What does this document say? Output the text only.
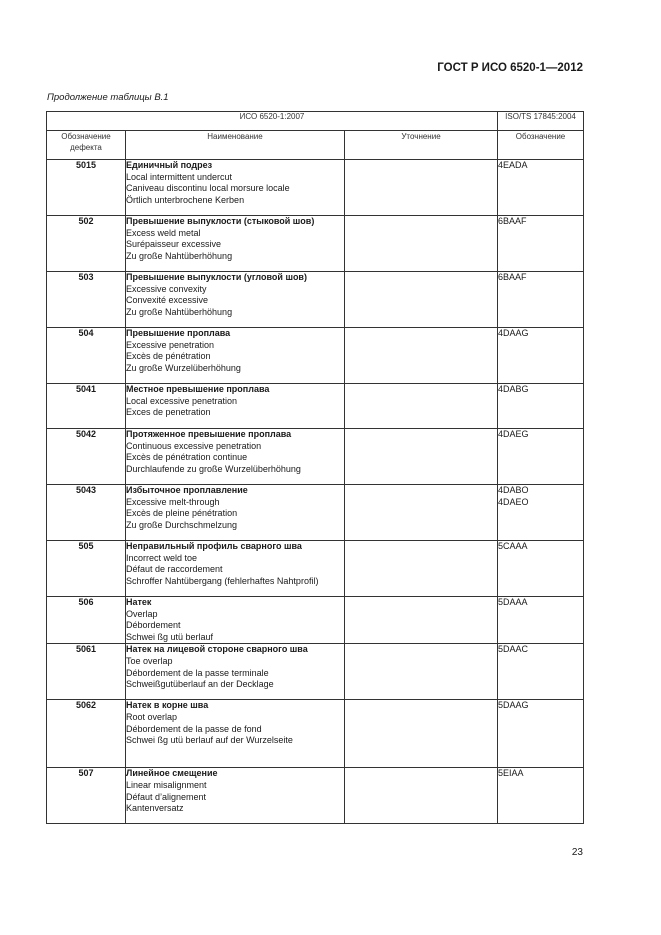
ГОСТ Р ИСО 6520-1—2012
Продолжение таблицы В.1
ИСО 6520-1:2007			ISO/TS 17845:2004
Обозначение дефекта	Наименование	Уточнение	Обозначение
5015	Единичный подрез
Local intermittent undercut
Caniveau discontinu local morsure locale
Örtlich unterbrochene Kerben		4EADA

502	Превышение выпуклости (стыковой шов)
Excess weld metal
Surépaisseur excessive
Zu große Nahtüberhöhung		6BAAF

503	Превышение выпуклости (угловой шов)
Excessive convexity
Convexité excessive
Zu große Nahtüberhöhung		6BAAF

504	Превышение проплава
Excessive penetration
Excès de pénétration
Zu große Wurzelüberhöhung		4DAAG

5041	Местное превышение проплава
Local excessive penetration
Exces de penetration		4DABG

5042	Протяженное превышение проплава
Continuous excessive penetration
Excès de pénétration continue
Durchlaufende zu große Wurzelüberhöhung		4DAEG

5043	Избыточное проплавление
Excessive melt-through
Excès de pleine pénétration
Zu große Durchschmelzung		4DABO
4DAEO

505	Неправильный профиль сварного шва
Incorrect weld toe
Défaut de raccordement
Schroffer Nahtübergang (fehlerhaftes Nahtprofil)		5CAAA

506	Натек
Overlap
Débordement
Schwei ßg utü berlauf		5DAAA

5061	Натек на лицевой стороне сварного шва
Toe overlap
Débordement de la passe terminale
Schweißgutüberlauf an der Decklage		5DAAC

5062	Натек в корне шва
Root overlap
Débordement de la passe de fond
Schwei ßg utü berlauf auf der Wurzelseite		5DAAG

507	Линейное смещение
Linear misalignment
Défaut d’alignement
Kantenversatz		5EIAA
23
